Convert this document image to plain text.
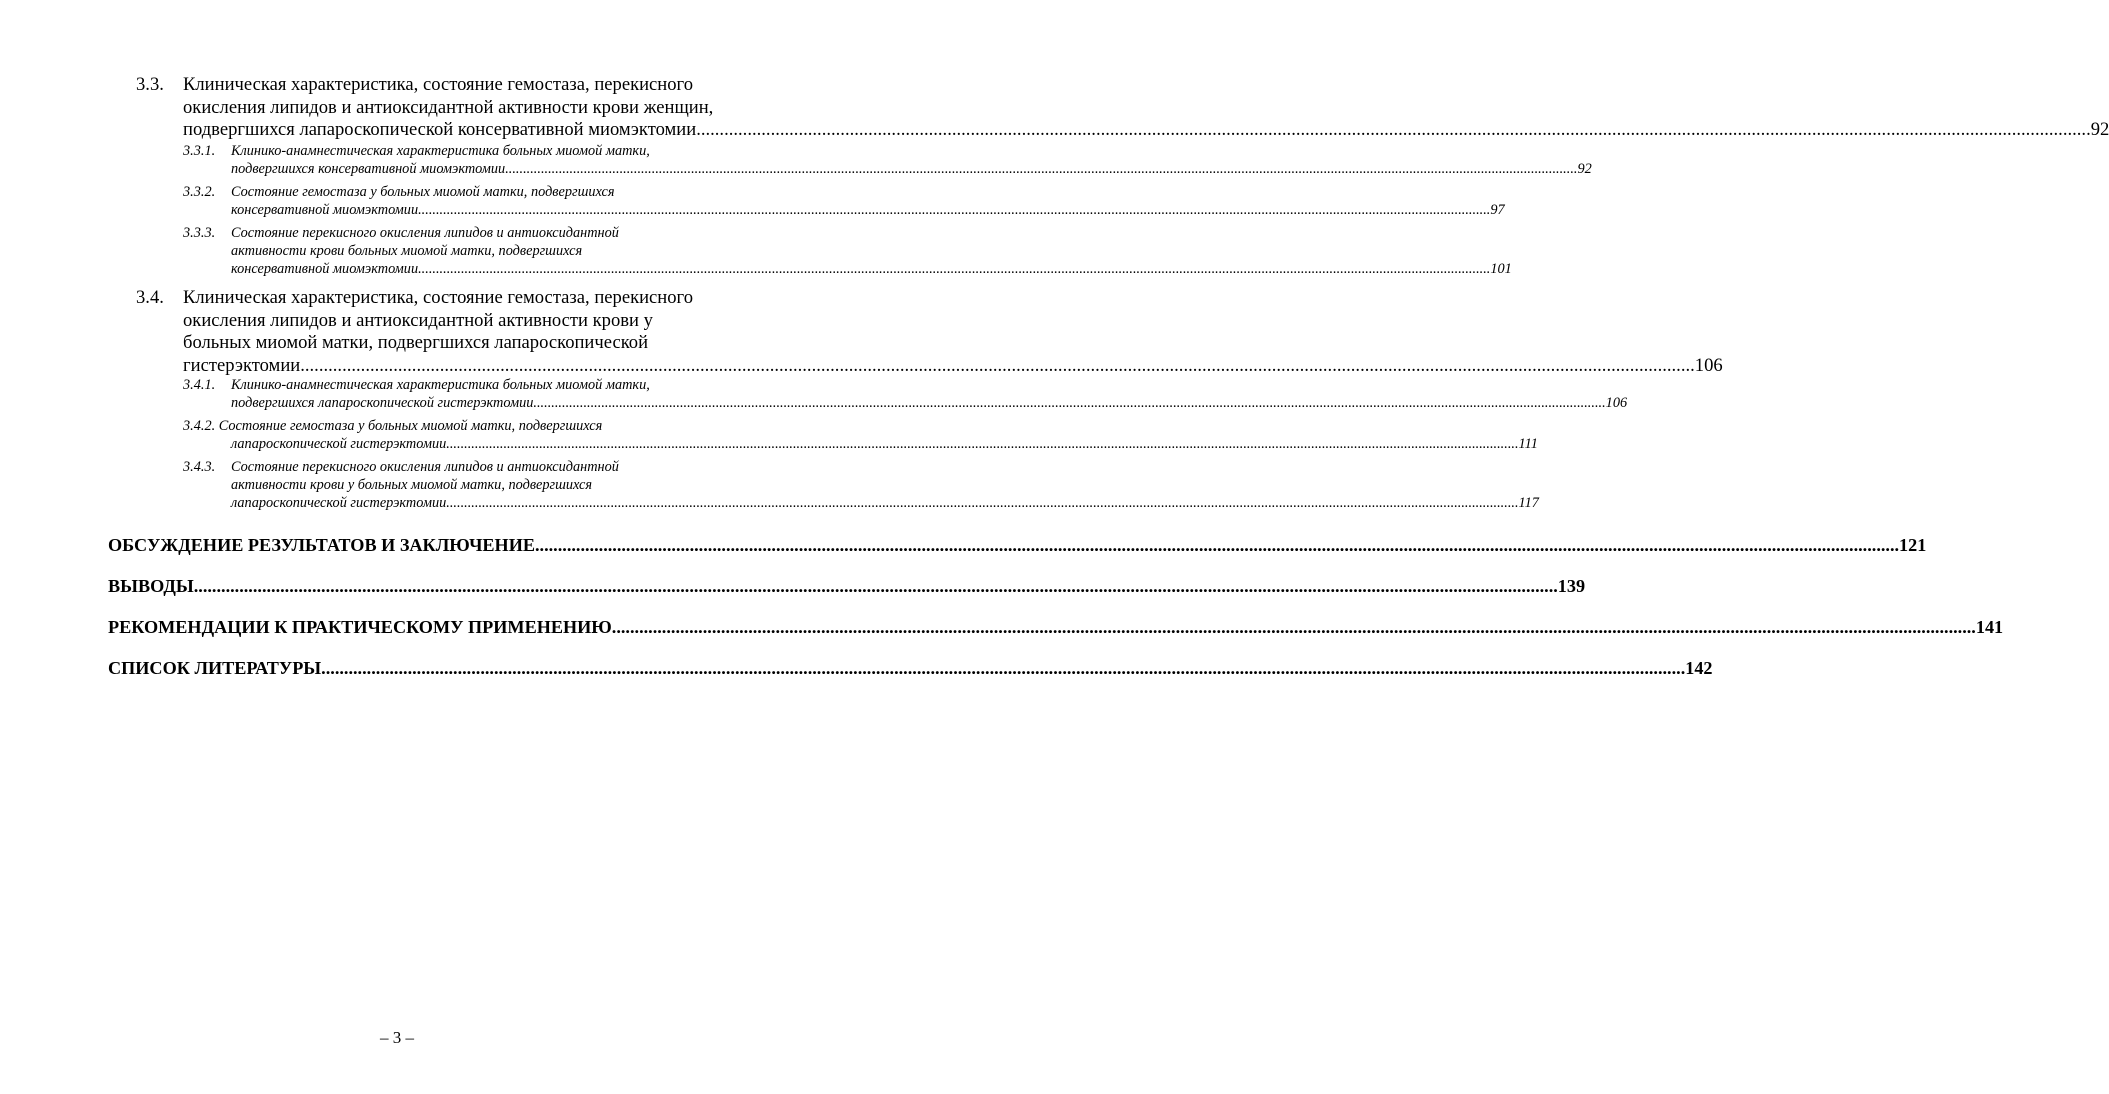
3.3. Клиническая характеристика, состояние гемостаза, перекисного
окисления липидов и антиоксидантной активности крови женщин,
подвергшихся лапароскопической консервативной миомэктомии ............................................................................................................................................................................................................................................................................................................ 92
3.3.1. Клинико-анамнестическая характеристика больных миомой матки,
подвергшихся консервативной миомэктомии ............................................................................................................................................................................................................................................................................................................ 92
3.3.2. Состояние гемостаза у больных миомой матки, подвергшихся
консервативной миомэктомии ............................................................................................................................................................................................................................................................................................................ 97
3.3.3. Состояние перекисного окисления липидов и антиоксидантной
активности крови больных миомой матки, подвергшихся
консервативной миомэктомии ............................................................................................................................................................................................................................................................................................................ 101
3.4. Клиническая характеристика, состояние гемостаза, перекисного
окисления липидов и антиоксидантной активности крови у
больных миомой матки, подвергшихся лапароскопической
гистерэктомии ............................................................................................................................................................................................................................................................................................................ 106
3.4.1. Клинико-анамнестическая характеристика больных миомой матки,
подвергшихся лапароскопической гистерэктомии ............................................................................................................................................................................................................................................................................................................ 106
3.4.2. Состояние гемостаза у больных миомой матки, подвергшихся
лапароскопической гистерэктомии ............................................................................................................................................................................................................................................................................................................ 111
3.4.3. Состояние перекисного окисления липидов и антиоксидантной
активности крови у больных миомой матки, подвергшихся
лапароскопической гистерэктомии ............................................................................................................................................................................................................................................................................................................ 117
ОБСУЖДЕНИЕ РЕЗУЛЬТАТОВ И ЗАКЛЮЧЕНИЕ ............................................................................................................................................................................................................................................................................................................ 121
ВЫВОДЫ ............................................................................................................................................................................................................................................................................................................ 139
РЕКОМЕНДАЦИИ К ПРАКТИЧЕСКОМУ ПРИМЕНЕНИЮ ............................................................................................................................................................................................................................................................................................................ 141
СПИСОК ЛИТЕРАТУРЫ ............................................................................................................................................................................................................................................................................................................ 142
– 3 –
